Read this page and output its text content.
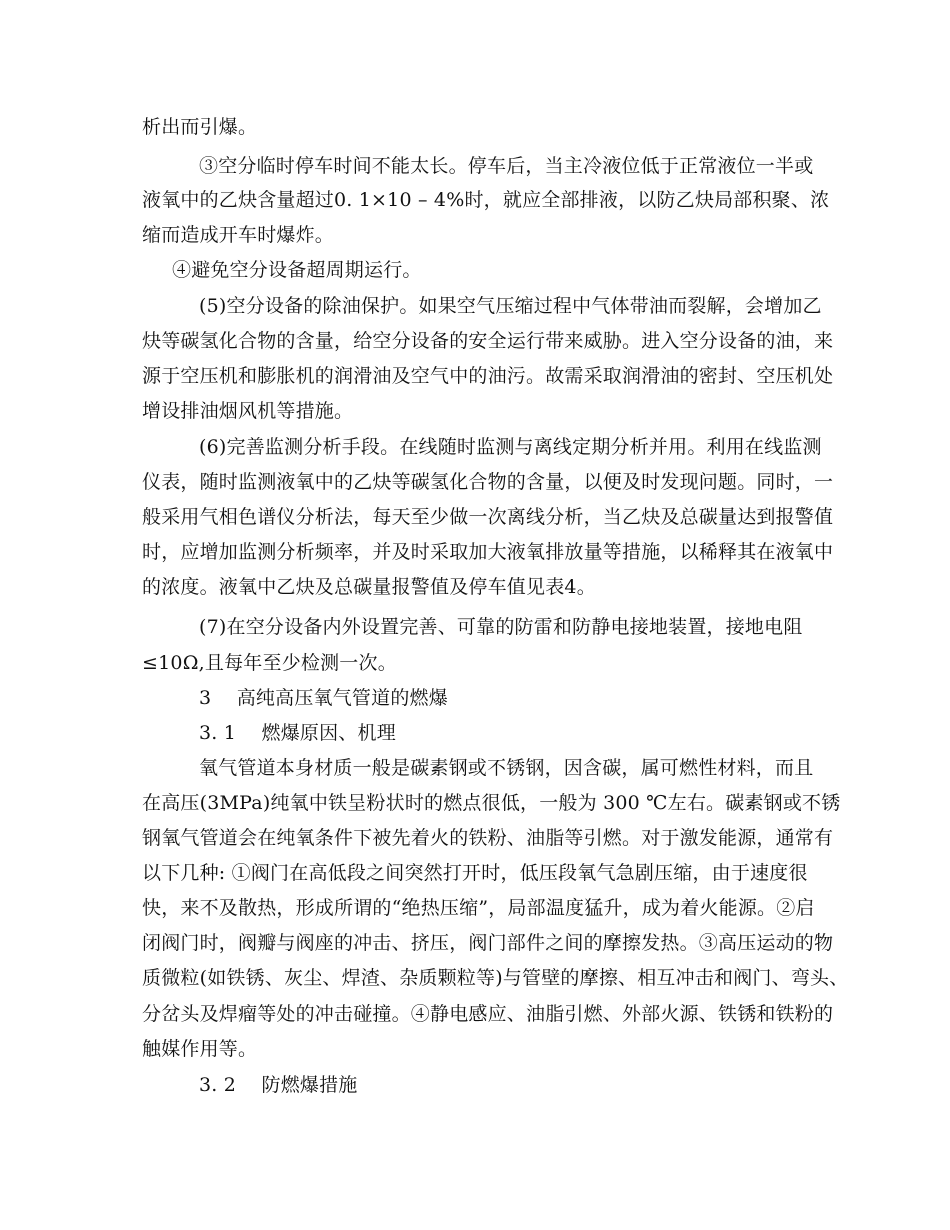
析出而引爆。
③空分临时停车时间不能太长。停车后，当主冷液位低于正常液位一半或
液氧中的乙炔含量超过0. 1×10 – 4%时，就应全部排液，以防乙炔局部积聚、浓
缩而造成开车时爆炸。
④避免空分设备超周期运行。
(5)空分设备的除油保护。如果空气压缩过程中气体带油而裂解，会增加乙
炔等碳氢化合物的含量，给空分设备的安全运行带来威胁。进入空分设备的油，来
源于空压机和膨胀机的润滑油及空气中的油污。故需采取润滑油的密封、空压机处
增设排油烟风机等措施。
(6)完善监测分析手段。在线随时监测与离线定期分析并用。利用在线监测
仪表，随时监测液氧中的乙炔等碳氢化合物的含量，以便及时发现问题。同时，一
般采用气相色谱仪分析法，每天至少做一次离线分析，当乙炔及总碳量达到报警值
时，应增加监测分析频率，并及时采取加大液氧排放量等措施，以稀释其在液氧中
的浓度。液氧中乙炔及总碳量报警值及停车值见表4。
(7)在空分设备内外设置完善、可靠的防雷和防静电接地装置，接地电阻
≤10Ω,且每年至少检测一次。
3　 高纯高压氧气管道的燃爆
3. 1　 燃爆原因、机理
氧气管道本身材质一般是碳素钢或不锈钢，因含碳，属可燃性材料，而且
在高压(3MPa)纯氧中铁呈粉状时的燃点很低，一般为 300 ℃左右。碳素钢或不锈
钢氧气管道会在纯氧条件下被先着火的铁粉、油脂等引燃。对于激发能源，通常有
以下几种: ①阀门在高低段之间突然打开时，低压段氧气急剧压缩，由于速度很
快，来不及散热，形成所谓的“绝热压缩”，局部温度猛升，成为着火能源。②启
闭阀门时，阀瓣与阀座的冲击、挤压，阀门部件之间的摩擦发热。③高压运动的物
质微粒(如铁锈、灰尘、焊渣、杂质颗粒等)与管壁的摩擦、相互冲击和阀门、弯头、
分岔头及焊瘤等处的冲击碰撞。④静电感应、油脂引燃、外部火源、铁锈和铁粉的
触媒作用等。
3. 2　 防燃爆措施
